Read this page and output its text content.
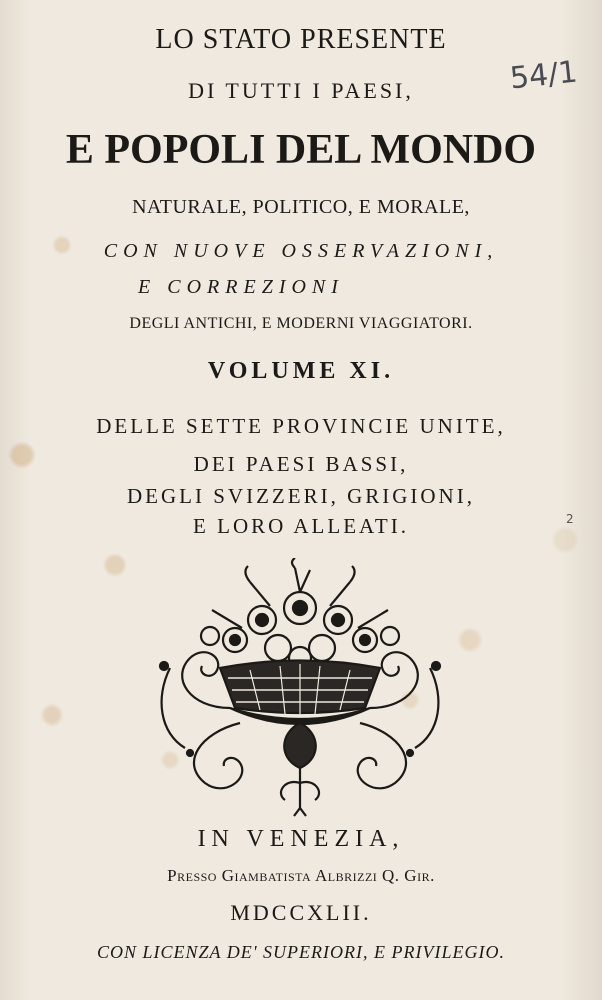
LO STATO PRESENTE
DI TUTTI I PAESI,
E POPOLI DEL MONDO
NATURALE, POLITICO, E MORALE,
CON NUOVE OSSERVAZIONI,
E CORREZIONI
DEGLI ANTICHI, E MODERNI VIAGGIATORI.
VOLUME XI.
DELLE SETTE PROVINCIE UNITE,
DEI PAESI BASSI,
DEGLI SVIZZERI, GRIGIONI,
E LORO ALLEATI.
IN VENEZIA,
Presso Giambatista Albrizzi Q. Gir.
MDCCXLII.
CON LICENZA DE' SUPERIORI, E PRIVILEGIO.
54/1
2
